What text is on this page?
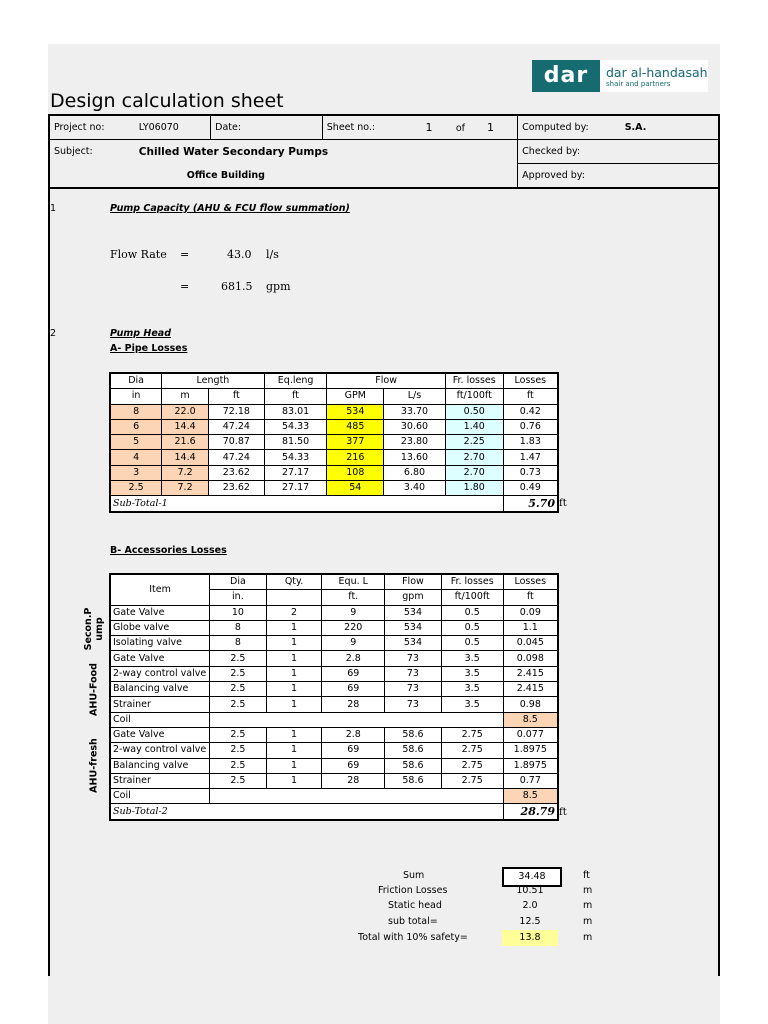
Design calculation sheet
dar	dar al-handasah
shair and partners
Project no:	LY06070	Date:	Sheet no.:	1	of 1	Computed by: S.A.
Subject:	Chilled Water Secondary Pumps					Checked by:
	Office Building					Approved by:
1	Pump Capacity (AHU & FCU flow summation)
Flow Rate =	43.0 l/s
=	681.5 gpm
2	Pump Head
A- Pipe Losses
Dia	Length		Eq.leng	Flow		Fr. losses	Losses
in	m	ft	ft	GPM	L/s	ft/100ft	ft
8	22.0	72.18	83.01	534	33.70	0.50	0.42
6	14.4	47.24	54.33	485	30.60	1.40	0.76
5	21.6	70.87	81.50	377	23.80	2.25	1.83
4	14.4	47.24	54.33	216	13.60	2.70	1.47
3	7.2	23.62	27.17	108	6.80	2.70	0.73
2.5	7.2	23.62	27.17	54	3.40	1.80	0.49
Sub-Total-1							5.70 ft
B- Accessories Losses
Secon.P ump
AHU-Food
AHU-fresh
Item	Dia	Qty.	Equ. L	Flow	Fr. losses	Losses
	in.		ft.	gpm	ft/100ft	ft
Gate Valve	10	2	9	534	0.5	0.09
Globe valve	8	1	220	534	0.5	1.1
Isolating valve	8	1	9	534	0.5	0.045
Gate Valve	2.5	1	2.8	73	3.5	0.098
2-way control valve	2.5	1	69	73	3.5	2.415
Balancing valve	2.5	1	69	73	3.5	2.415
Strainer	2.5	1	28	73	3.5	0.98
Coil						8.5
Gate Valve	2.5	1	2.8	58.6	2.75	0.077
2-way control valve	2.5	1	69	58.6	2.75	1.8975
Balancing valve	2.5	1	69	58.6	2.75	1.8975
Strainer	2.5	1	28	58.6	2.75	0.77
Coil						8.5
Sub-Total-2						28.79 ft
Sum	34.48	ft
Friction Losses	10.51	m
Static head	2.0	m
sub total=	12.5	m
Total with 10% safety=	13.8	m
